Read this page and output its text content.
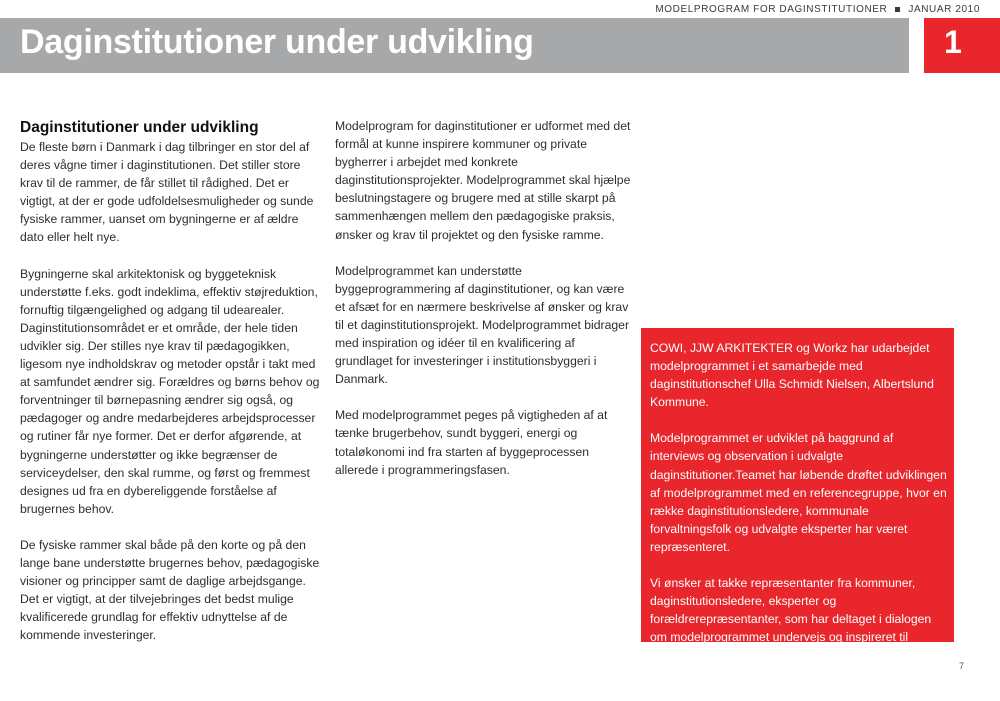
MODELPROGRAM FOR DAGINSTITUTIONER JANUAR 2010
Daginstitutioner under udvikling	1
Daginstitutioner under udvikling

De fleste børn i Danmark i dag tilbringer en stor del af deres vågne timer i daginstitutionen. Det stiller store krav til de rammer, de får stillet til rådighed. Det er vigtigt, at der er gode udfoldelsesmuligheder og sunde fysiske rammer, uanset om bygningerne er af ældre dato eller helt nye.

Bygningerne skal arkitektonisk og byggeteknisk understøtte f.eks. godt indeklima, effektiv støjreduktion, fornuftig tilgængelighed og adgang til udearealer. Daginstitutionsområdet er et område, der hele tiden udvikler sig. Der stilles nye krav til pædagogikken, ligesom nye indholdskrav og metoder opstår i takt med at samfundet ændrer sig. Forældres og børns behov og forventninger til børnepasning ændrer sig også, og pædagoger og andre medarbejderes arbejdsprocesser og rutiner får nye former. Det er derfor afgørende, at bygningerne understøtter og ikke begrænser de serviceydelser, den skal rumme, og først og fremmest designes ud fra en dybereliggende forståelse af brugernes behov.

De fysiske rammer skal både på den korte og på den lange bane understøtte brugernes behov, pædagogiske visioner og principper samt de daglige arbejdsgange. Det er vigtigt, at der tilvejebringes det bedst mulige kvalificerede grundlag for effektiv udnyttelse af de kommende investeringer.

Modelprogram for daginstitutioner er udformet med det formål at kunne inspirere kommuner og private bygherrer i arbejdet med konkrete daginstitutionsprojekter. Modelprogrammet skal hjælpe beslutningstagere og brugere med at stille skarpt på sammenhængen mellem den pædagogiske praksis, ønsker og krav til projektet og den fysiske ramme.

Modelprogrammet kan understøtte byggeprogrammering af daginstitutioner, og kan være et afsæt for en nærmere beskrivelse af ønsker og krav til et daginstitutionsprojekt. Modelprogrammet bidrager med inspiration og idéer til en kvalificering af grundlaget for investeringer i institutionsbyggeri i Danmark.

Med modelprogrammet peges på vigtigheden af at tænke brugerbehov, sundt byggeri, energi og totaløkonomi ind fra starten af byggeprocessen allerede i programmeringsfasen.

COWI, JJW ARKITEKTER og Workz har udarbejdet modelprogrammet i et samarbejde med daginstitutionschef Ulla Schmidt Nielsen, Albertslund Kommune.

Modelprogrammet er udviklet på baggrund af interviews og observation i udvalgte daginstitutioner.Teamet har løbende drøftet udviklingen af modelprogrammet med en referencegruppe, hvor en række daginstitutionsledere, kommunale forvaltningsfolk og udvalgte eksperter har været repræsenteret.

Vi ønsker at takke repræsentanter fra kommuner, daginstitutionsledere, eksperter og forældrerepræsentanter, som har deltaget i dialogen om modelprogrammet undervejs og inspireret til udviklingen af fokusområder og dialogværktøjet Rum & Rammer.

7
